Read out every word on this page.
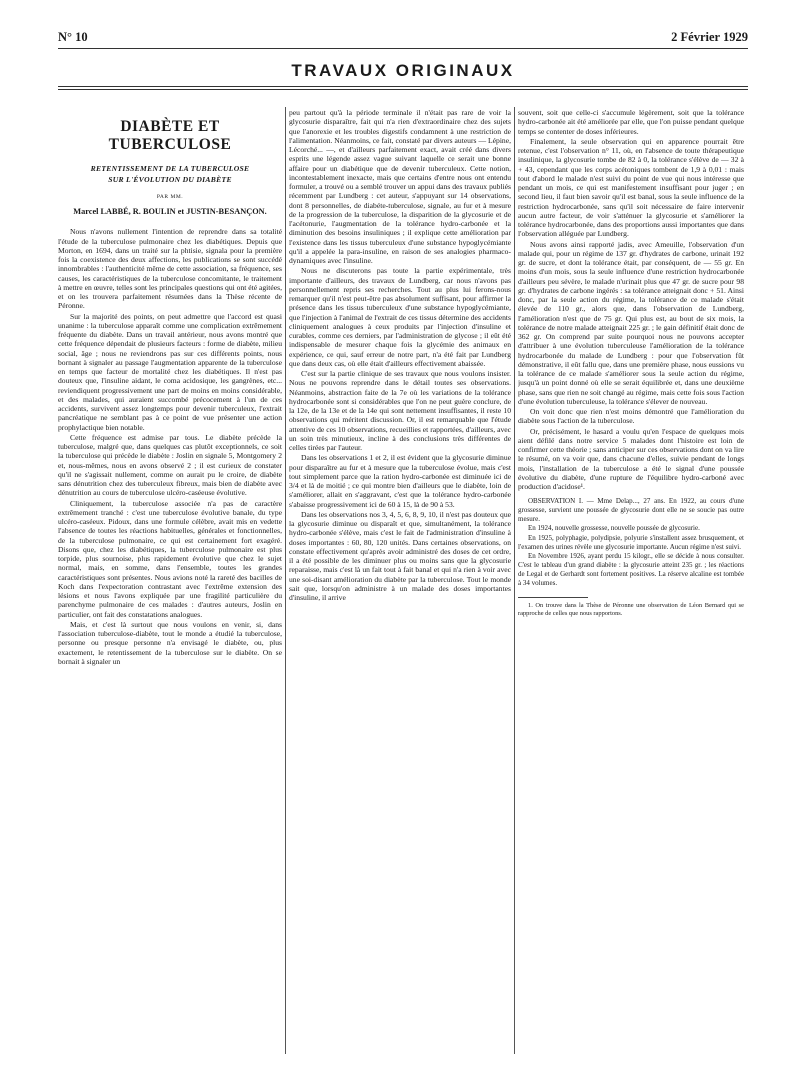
N° 10	2 Février 1929
TRAVAUX ORIGINAUX
DIABÈTE ET TUBERCULOSE
RETENTISSEMENT DE LA TUBERCULOSE
SUR L'ÉVOLUTION DU DIABÈTE
PAR MM.
Marcel LABBÉ, R. BOULIN et JUSTIN-BESANÇON.

Nous n'avons nullement l'intention de reprendre dans sa totalité l'étude de la tuberculose pulmonaire chez les diabétiques. Depuis que Morton, en 1694, dans un traité sur la phtisie, signala pour la première fois la coexistence des deux affections, les publications se sont succédé innombrables : l'authenticité même de cette association, sa fréquence, ses causes, les caractéristiques de la tuberculose concomitante, le traitement à mettre en œuvre, telles sont les principales questions qui ont été agitées, et on les trouvera parfaitement résumées dans la Thèse récente de Péronne.

Sur la majorité des points, on peut admettre que l'accord est quasi unanime : la tuberculose apparaît comme une complication extrêmement fréquente du diabète. Dans un travail antérieur, nous avons montré que cette fréquence dépendait de plusieurs facteurs : forme de diabète, milieu social, âge ; nous ne reviendrons pas sur ces différents points, nous bornant à signaler au passage l'augmentation apparente de la tuberculose en temps que facteur de mortalité chez les diabétiques. Il n'est pas douteux que, l'insuline aidant, le coma acidosique, les gangrènes, etc... reviendiquent progressivement une part de moins en moins considérable, et des malades, qui auraient succombé précocement à l'un de ces accidents, survivent assez longtemps pour devenir tuberculeux, l'extrait pancréatique ne semblant pas à ce point de vue présenter une action prophylactique bien notable.

Cette fréquence est admise par tous. Le diabète précède la tuberculose, malgré que, dans quelques cas plutôt exceptionnels, ce soit la tuberculose qui précède le diabète : Joslin en signale 5, Montgomery 2 et, nous-mêmes, nous en avons observé 2 ; il est curieux de constater qu'il ne s'agissait nullement, comme on aurait pu le croire, de diabète sans dénutrition chez des tuberculeux fibreux, mais bien de diabète avec dénutrition au cours de tuberculose ulcéro-caséeuse évolutive.

Cliniquement, la tuberculose associée n'a pas de caractère extrêmement tranché : c'est une tuberculose évolutive banale, du type ulcéro-caséeux. Pidoux, dans une formule célèbre, avait mis en vedette l'absence de toutes les réactions habituelles, générales et fonctionnelles, de la tuberculose pulmonaire, ce qui est certainement fort exagéré. Disons que, chez les diabétiques, la tuberculose pulmonaire est plus torpide, plus sournoise, plus rapidement évolutive que chez le sujet normal, mais, en somme, dans l'ensemble, toutes les grandes caractéristiques sont présentes. Nous avions noté la rareté des bacilles de Koch dans l'expectoration contrastant avec l'extrême extension des lésions et nous l'avons expliquée par une fragilité particulière du parenchyme pulmonaire de ces malades : d'autres auteurs, Joslin en particulier, ont fait des constatations analogues.

Mais, et c'est là surtout que nous voulons en venir, si, dans l'association tuberculose-diabète, tout le monde a étudié la tuberculose, personne ou presque personne n'a envisagé le diabète, ou, plus exactement, le retentissement de la tuberculose sur le diabète. On se bornait à signaler un

peu partout qu'à la période terminale il n'était pas rare de voir la glycosurie disparaître, fait qui n'a rien d'extraordinaire chez des sujets que l'anorexie et les troubles digestifs condamnent à une restriction de l'alimentation. Néanmoins, ce fait, constaté par divers auteurs — Lépine, Lécorché... —, et d'ailleurs parfaitement exact, avait créé dans divers esprits une légende assez vague suivant laquelle ce serait une bonne affaire pour un diabétique que de devenir tuberculeux. Cette notion, incontestablement inexacte, mais que certains d'entre nous ont entendu formuler, a trouvé ou a semblé trouver un appui dans des travaux publiés récemment par Lundberg : cet auteur, s'appuyant sur 14 observations, dont 8 personnelles, de diabéte-tuberculose, signale, au fur et à mesure de la progression de la tuberculose, la disparition de la glycosurie et de l'acétonurie, l'augmentation de la tolérance hydro-carbonée et la diminution des besoins insuliniques ; il explique cette amélioration par l'existence dans les tissus tuberculeux d'une substance hypoglycémiante qu'il a appelée la para-insuline, en raison de ses analogies pharmaco-dynamiques avec l'insuline.

Nous ne discuterons pas toute la partie expérimentale, très importante d'ailleurs, des travaux de Lundberg, car nous n'avons pas personnellement repris ses recherches. Tout au plus lui ferons-nous remarquer qu'il n'est peut-être pas absolument suffisant, pour affirmer la présence dans les tissus tuberculeux d'une substance hypoglycémiante, que l'injection à l'animal de l'extrait de ces tissus détermine des accidents cliniquement analogues à ceux produits par l'injection d'insuline et curables, comme ces derniers, par l'administration de glycose ; il eût été indispensable de mesurer chaque fois la glycémie des animaux en expérience, ce qui, sauf erreur de notre part, n'a été fait par Lundberg que dans deux cas, où elle était d'ailleurs effectivement abaissée.

C'est sur la partie clinique de ses travaux que nous voulons insister. Nous ne pouvons reprendre dans le détail toutes ses observations. Néanmoins, abstraction faite de la 7e où les variations de la tolérance hydrocarbonée sont si considérables que l'on ne peut guère conclure, de la 12e, de la 13e et de la 14e qui sont nettement insuffisantes, il reste 10 observations qui méritent discussion. Or, il est remarquable que l'étude attentive de ces 10 observations, recueillies et rapportées, d'ailleurs, avec un soin très minutieux, incline à des conclusions très différentes de celles tirées par l'auteur.

Dans les observations 1 et 2, il est évident que la glycosurie diminue pour disparaître au fur et à mesure que la tuberculose évolue, mais c'est tout simplement parce que la ration hydro-carbonée est diminuée ici de 3/4 et là de moitié ; ce qui montre bien d'ailleurs que le diabète, loin de s'améliorer, allait en s'aggravant, c'est que la tolérance hydro-carbonée s'abaisse progressivement ici de 60 à 15, là de 90 à 53.

Dans les observations nos 3, 4, 5, 6, 8, 9, 10, il n'est pas douteux que la glycosurie diminue ou disparaît et que, simultanément, la tolérance hydro-carbonée s'élève, mais c'est le fait de l'administration d'insuline à doses importantes : 60, 80, 120 unités. Dans certaines observations, on constate effectivement qu'après avoir administré des doses de cet ordre, il a été possible de les diminuer plus ou moins sans que la glycosurie reparaisse, mais c'est là un fait tout à fait banal et qui n'a rien à voir avec une soi-disant amélioration du diabète par la tuberculose. Tout le monde sait que, lorsqu'on administre à un malade des doses importantes d'insuline, il arrive

souvent, soit que celle-ci s'accumule légèrement, soit que la tolérance hydro-carbonée ait été améliorée par elle, que l'on puisse pendant quelque temps se contenter de doses inférieures.

Finalement, la seule observation qui en apparence pourrait être retenue, c'est l'observation n° 11, où, en l'absence de toute thérapeutique insulinique, la glycosurie tombe de 82 à 0, la tolérance s'élève de — 32 à + 43, cependant que les corps acétoniques tombent de 1,9 à 0,01 : mais tout d'abord le malade n'est suivi du point de vue qui nous intéresse que pendant un mois, ce qui est manifestement insuffisant pour juger ; en second lieu, il faut bien savoir qu'il est banal, sous la seule influence de la restriction hydrocarbonée, sans qu'il soit nécessaire de faire intervenir aucun autre facteur, de voir s'atténuer la glycosurie et s'améliorer la tolérance hydrocarbonée, dans des proportions aussi importantes que dans l'observation alléguée par Lundberg.

Nous avons ainsi rapporté jadis, avec Ameuille, l'observation d'un malade qui, pour un régime de 137 gr. d'hydrates de carbone, urinait 192 gr. de sucre, et dont la tolérance était, par conséquent, de — 55 gr. En moins d'un mois, sous la seule influence d'une restriction hydrocarbonée d'ailleurs peu sévère, le malade n'urinait plus que 47 gr. de sucre pour 98 gr. d'hydrates de carbone ingérés : sa tolérance atteignait donc + 51. Ainsi donc, par la seule action du régime, la tolérance de ce malade s'était élevée de 110 gr., alors que, dans l'observation de Lundberg, l'amélioration n'est que de 75 gr. Qui plus est, au bout de six mois, la tolérance de notre malade atteignait 225 gr. ; le gain définitif était donc de 362 gr. On comprend par suite pourquoi nous ne pouvons accepter d'attribuer à une évolution tuberculeuse l'amélioration de la tolérance hydrocarbonée du malade de Lundberg : pour que l'observation fût démonstrative, il eût fallu que, dans une première phase, nous eussions vu la tolérance de ce malade s'améliorer sous la seule action du régime, jusqu'à un point donné où elle se serait équilibrée et, dans une deuxième phase, sans que rien ne soit changé au régime, mais cette fois sous l'action d'une évolution tuberculeuse, la tolérance s'élever de nouveau.

On voit donc que rien n'est moins démontré que l'amélioration du diabète sous l'action de la tuberculose.

Or, précisément, le hasard a voulu qu'en l'espace de quelques mois aient défilé dans notre service 5 malades dont l'histoire est loin de confirmer cette théorie ; sans anticiper sur ces observations dont on va lire le résumé, on va voir que, dans chacune d'elles, suivie pendant de longs mois, l'installation de la tuberculose a été le signal d'une poussée évolutive du diabète, d'une rupture de l'équilibre hydro-carboné avec production d'acidose¹.

OBSERVATION I. — Mme Delap..., 27 ans. En 1922, au cours d'une grossesse, survient une poussée de glycosurie dont elle ne se soucie pas outre mesure.

En 1924, nouvelle grossesse, nouvelle poussée de glycosurie.

En 1925, polyphagie, polydipsie, polyurie s'installent assez brusquement, et l'examen des urines révèle une glycosurie importante. Aucun régime n'est suivi.

En Novembre 1926, ayant perdu 15 kilogr., elle se décide à nous consulter. C'est le tableau d'un grand diabète : la glycosurie atteint 235 gr. ; les réactions de Legal et de Gerhardt sont fortement positives. La réserve alcaline est tombée à 34 volumes.

1. On trouve dans la Thèse de Péronne une observation de Léon Bernard qui se rapproche de celles que nous rapportons.
